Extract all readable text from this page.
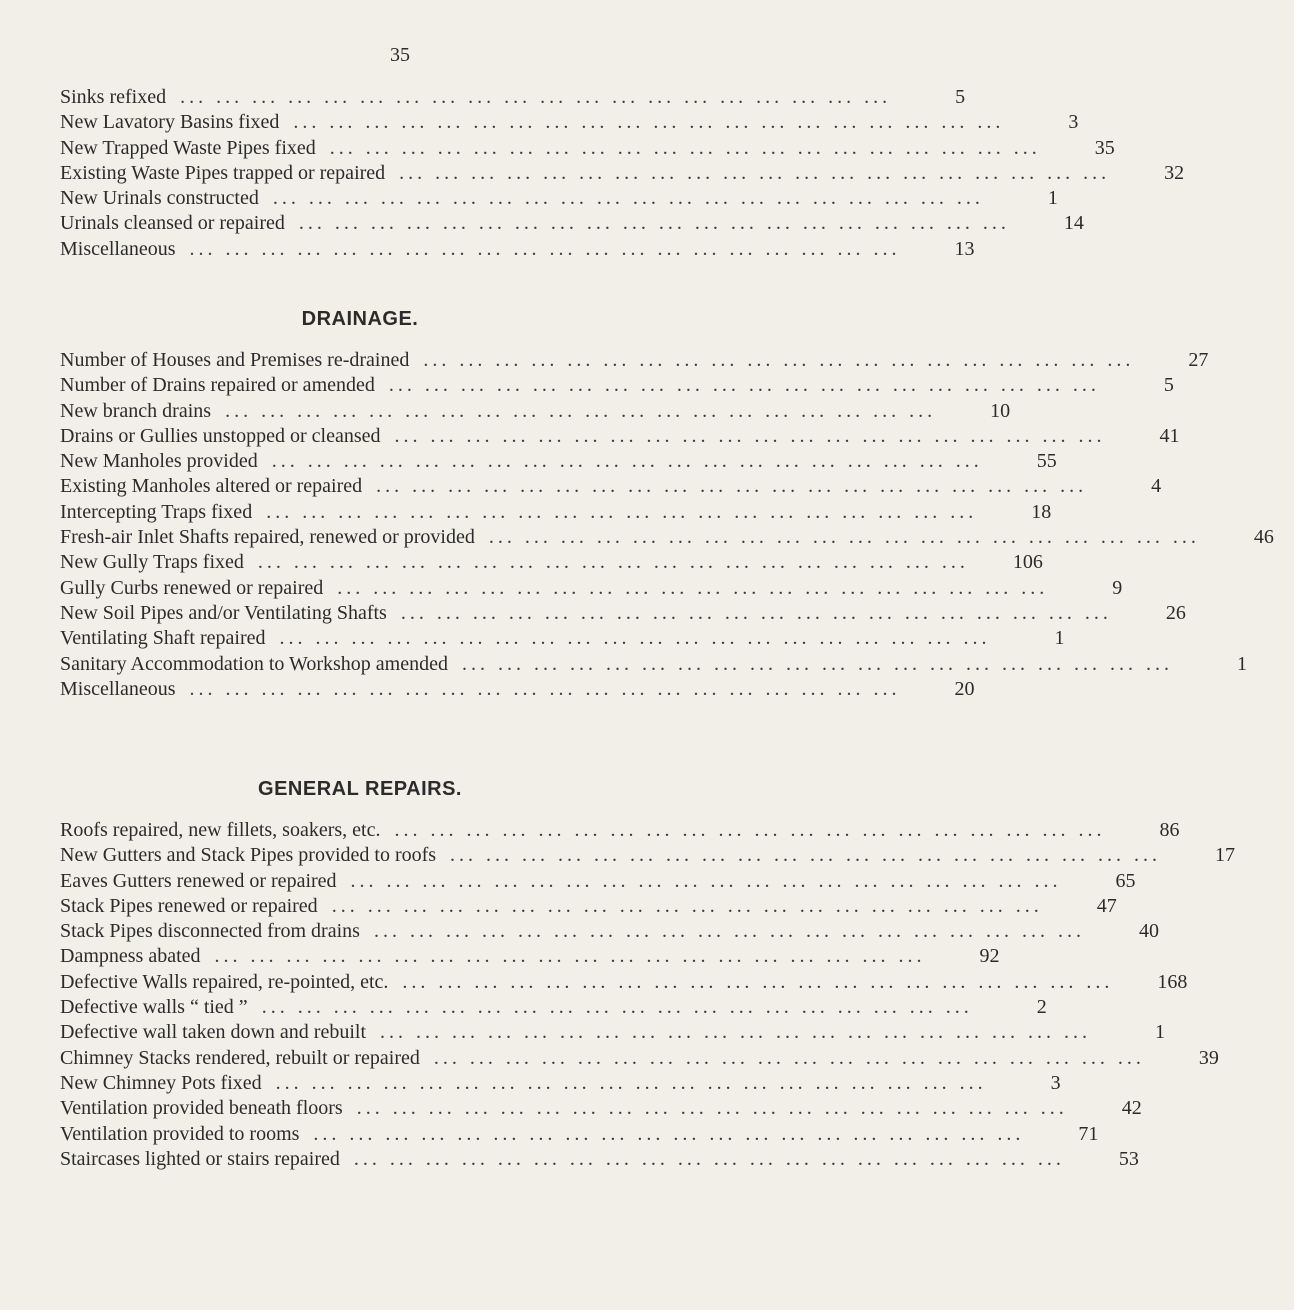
35
Sinks refixed ... ... ... ... ... ... ... ... ... ... ... ... ... ... ... ... ... ... ... ...	5
New Lavatory Basins fixed ... ... ... ... ... ... ... ... ... ... ... ... ... ... ... ... ... ... ... ...	3
New Trapped Waste Pipes fixed ... ... ... ... ... ... ... ... ... ... ... ... ... ... ... ... ... ... ... ...	35
Existing Waste Pipes trapped or repaired ... ... ... ... ... ... ... ... ... ... ... ... ... ... ... ... ... ... ... ...	32
New Urinals constructed ... ... ... ... ... ... ... ... ... ... ... ... ... ... ... ... ... ... ... ...	1
Urinals cleansed or repaired ... ... ... ... ... ... ... ... ... ... ... ... ... ... ... ... ... ... ... ...	14
Miscellaneous ... ... ... ... ... ... ... ... ... ... ... ... ... ... ... ... ... ... ... ...	13
DRAINAGE.
Number of Houses and Premises re-drained ... ... ... ... ... ... ... ... ... ... ... ... ... ... ... ... ... ... ... ...	27
Number of Drains repaired or amended ... ... ... ... ... ... ... ... ... ... ... ... ... ... ... ... ... ... ... ...	5
New branch drains ... ... ... ... ... ... ... ... ... ... ... ... ... ... ... ... ... ... ... ...	10
Drains or Gullies unstopped or cleansed ... ... ... ... ... ... ... ... ... ... ... ... ... ... ... ... ... ... ... ...	41
New Manholes provided ... ... ... ... ... ... ... ... ... ... ... ... ... ... ... ... ... ... ... ...	55
Existing Manholes altered or repaired ... ... ... ... ... ... ... ... ... ... ... ... ... ... ... ... ... ... ... ...	4
Intercepting Traps fixed ... ... ... ... ... ... ... ... ... ... ... ... ... ... ... ... ... ... ... ...	18
Fresh-air Inlet Shafts repaired, renewed or provided ... ... ... ... ... ... ... ... ... ... ... ... ... ... ... ... ... ... ... ...	46
New Gully Traps fixed ... ... ... ... ... ... ... ... ... ... ... ... ... ... ... ... ... ... ... ...	106
Gully Curbs renewed or repaired ... ... ... ... ... ... ... ... ... ... ... ... ... ... ... ... ... ... ... ...	9
New Soil Pipes and/or Ventilating Shafts ... ... ... ... ... ... ... ... ... ... ... ... ... ... ... ... ... ... ... ...	26
Ventilating Shaft repaired ... ... ... ... ... ... ... ... ... ... ... ... ... ... ... ... ... ... ... ...	1
Sanitary Accommodation to Workshop amended ... ... ... ... ... ... ... ... ... ... ... ... ... ... ... ... ... ... ... ...	1
Miscellaneous ... ... ... ... ... ... ... ... ... ... ... ... ... ... ... ... ... ... ... ...	20
GENERAL REPAIRS.
Roofs repaired, new fillets, soakers, etc. ... ... ... ... ... ... ... ... ... ... ... ... ... ... ... ... ... ... ... ...	86
New Gutters and Stack Pipes provided to roofs ... ... ... ... ... ... ... ... ... ... ... ... ... ... ... ... ... ... ... ...	17
Eaves Gutters renewed or repaired ... ... ... ... ... ... ... ... ... ... ... ... ... ... ... ... ... ... ... ...	65
Stack Pipes renewed or repaired ... ... ... ... ... ... ... ... ... ... ... ... ... ... ... ... ... ... ... ...	47
Stack Pipes disconnected from drains ... ... ... ... ... ... ... ... ... ... ... ... ... ... ... ... ... ... ... ...	40
Dampness abated ... ... ... ... ... ... ... ... ... ... ... ... ... ... ... ... ... ... ... ...	92
Defective Walls repaired, re-pointed, etc. ... ... ... ... ... ... ... ... ... ... ... ... ... ... ... ... ... ... ... ...	168
Defective walls “ tied ” ... ... ... ... ... ... ... ... ... ... ... ... ... ... ... ... ... ... ... ...	2
Defective wall taken down and rebuilt ... ... ... ... ... ... ... ... ... ... ... ... ... ... ... ... ... ... ... ...	1
Chimney Stacks rendered, rebuilt or repaired ... ... ... ... ... ... ... ... ... ... ... ... ... ... ... ... ... ... ... ...	39
New Chimney Pots fixed ... ... ... ... ... ... ... ... ... ... ... ... ... ... ... ... ... ... ... ...	3
Ventilation provided beneath floors ... ... ... ... ... ... ... ... ... ... ... ... ... ... ... ... ... ... ... ...	42
Ventilation provided to rooms ... ... ... ... ... ... ... ... ... ... ... ... ... ... ... ... ... ... ... ...	71
Staircases lighted or stairs repaired ... ... ... ... ... ... ... ... ... ... ... ... ... ... ... ... ... ... ... ...	53
